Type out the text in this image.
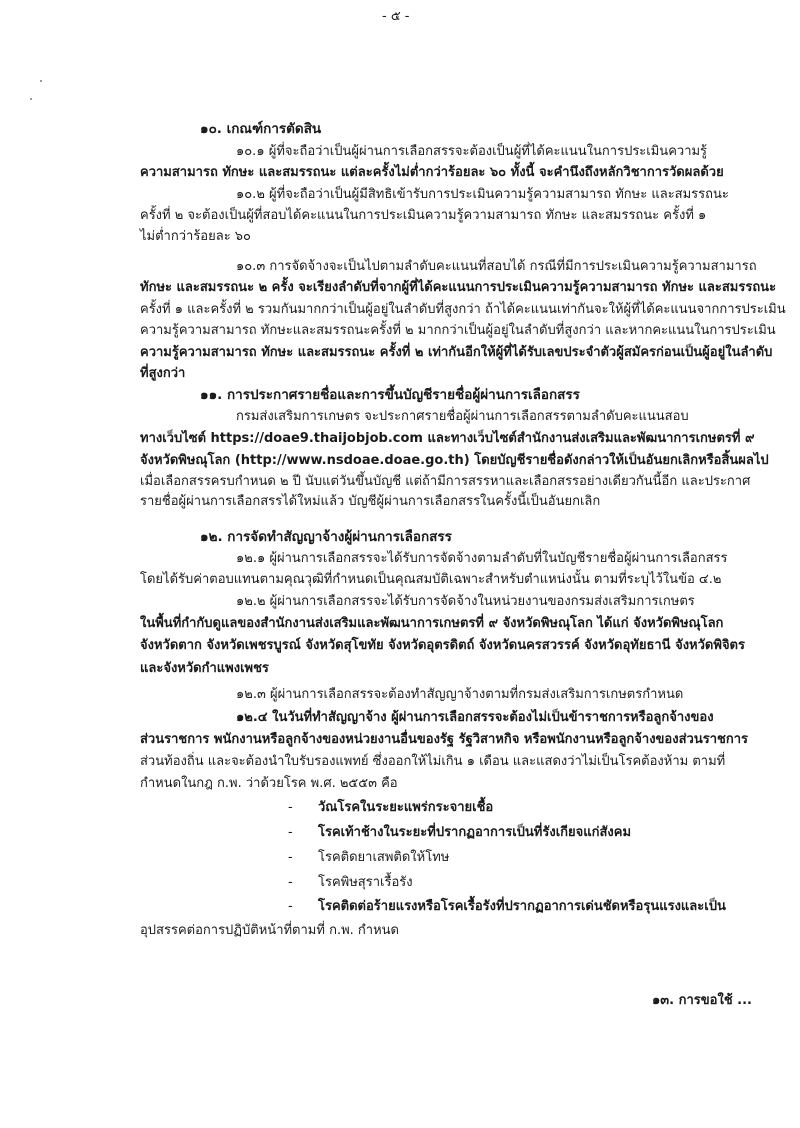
- ๕ -
๑๐. เกณฑ์การตัดสิน
๑๐.๑ ผู้ที่จะถือว่าเป็นผู้ผ่านการเลือกสรรจะต้องเป็นผู้ที่ได้คะแนนในการประเมินความรู้
ความสามารถ ทักษะ และสมรรถนะ แต่ละครั้งไม่ต่ำกว่าร้อยละ ๖๐ ทั้งนี้ จะคำนึงถึงหลักวิชาการวัดผลด้วย
๑๐.๒ ผู้ที่จะถือว่าเป็นผู้มีสิทธิเข้ารับการประเมินความรู้ความสามารถ ทักษะ และสมรรถนะ
ครั้งที่ ๒ จะต้องเป็นผู้ที่สอบได้คะแนนในการประเมินความรู้ความสามารถ ทักษะ และสมรรถนะ ครั้งที่ ๑
ไม่ต่ำกว่าร้อยละ ๖๐
๑๐.๓ การจัดจ้างจะเป็นไปตามลำดับคะแนนที่สอบได้ กรณีที่มีการประเมินความรู้ความสามารถ
ทักษะ และสมรรถนะ ๒ ครั้ง จะเรียงลำดับที่จากผู้ที่ได้คะแนนการประเมินความรู้ความสามารถ ทักษะ และสมรรถนะ
ครั้งที่ ๑ และครั้งที่ ๒ รวมกันมากกว่าเป็นผู้อยู่ในลำดับที่สูงกว่า ถ้าได้คะแนนเท่ากันจะให้ผู้ที่ได้คะแนนจากการประเมิน
ความรู้ความสามารถ ทักษะและสมรรถนะครั้งที่ ๒ มากกว่าเป็นผู้อยู่ในลำดับที่สูงกว่า และหากคะแนนในการประเมิน
ความรู้ความสามารถ ทักษะ และสมรรถนะ ครั้งที่ ๒ เท่ากันอีกให้ผู้ที่ได้รับเลขประจำตัวผู้สมัครก่อนเป็นผู้อยู่ในลำดับ
ที่สูงกว่า
๑๑. การประกาศรายชื่อและการขึ้นบัญชีรายชื่อผู้ผ่านการเลือกสรร
กรมส่งเสริมการเกษตร จะประกาศรายชื่อผู้ผ่านการเลือกสรรตามลำดับคะแนนสอบ
ทางเว็บไซต์ https://doae9.thaijobjob.com และทางเว็บไซต์สำนักงานส่งเสริมและพัฒนาการเกษตรที่ ๙
จังหวัดพิษณุโลก (http://www.nsdoae.doae.go.th) โดยบัญชีรายชื่อดังกล่าวให้เป็นอันยกเลิกหรือสิ้นผลไป
เมื่อเลือกสรรครบกำหนด ๒ ปี นับแต่วันขึ้นบัญชี แต่ถ้ามีการสรรหาและเลือกสรรอย่างเดียวกันนี้อีก และประกาศ
รายชื่อผู้ผ่านการเลือกสรรได้ใหม่แล้ว บัญชีผู้ผ่านการเลือกสรรในครั้งนี้เป็นอันยกเลิก
๑๒. การจัดทำสัญญาจ้างผู้ผ่านการเลือกสรร
๑๒.๑ ผู้ผ่านการเลือกสรรจะได้รับการจัดจ้างตามลำดับที่ในบัญชีรายชื่อผู้ผ่านการเลือกสรร
โดยได้รับค่าตอบแทนตามคุณวุฒิที่กำหนดเป็นคุณสมบัติเฉพาะสำหรับตำแหน่งนั้น ตามที่ระบุไว้ในข้อ ๔.๒
๑๒.๒ ผู้ผ่านการเลือกสรรจะได้รับการจัดจ้างในหน่วยงานของกรมส่งเสริมการเกษตร
ในพื้นที่กำกับดูแลของสำนักงานส่งเสริมและพัฒนาการเกษตรที่ ๙ จังหวัดพิษณุโลก ได้แก่ จังหวัดพิษณุโลก
จังหวัดตาก จังหวัดเพชรบูรณ์ จังหวัดสุโขทัย จังหวัดอุตรดิตถ์ จังหวัดนครสวรรค์ จังหวัดอุทัยธานี จังหวัดพิจิตร
และจังหวัดกำแพงเพชร
๑๒.๓ ผู้ผ่านการเลือกสรรจะต้องทำสัญญาจ้างตามที่กรมส่งเสริมการเกษตรกำหนด
๑๒.๔ ในวันที่ทำสัญญาจ้าง ผู้ผ่านการเลือกสรรจะต้องไม่เป็นข้าราชการหรือลูกจ้างของ
ส่วนราชการ พนักงานหรือลูกจ้างของหน่วยงานอื่นของรัฐ รัฐวิสาหกิจ หรือพนักงานหรือลูกจ้างของส่วนราชการ
ส่วนท้องถิ่น และจะต้องนำใบรับรองแพทย์ ซึ่งออกให้ไม่เกิน ๑ เดือน และแสดงว่าไม่เป็นโรคต้องห้าม ตามที่
กำหนดในกฎ ก.พ. ว่าด้วยโรค พ.ศ. ๒๕๕๓ คือ
- วัณโรคในระยะแพร่กระจายเชื้อ
- โรคเท้าช้างในระยะที่ปรากฏอาการเป็นที่รังเกียจแก่สังคม
- โรคติดยาเสพติดให้โทษ
- โรคพิษสุราเรื้อรัง
- โรคติดต่อร้ายแรงหรือโรคเรื้อรังที่ปรากฏอาการเด่นชัดหรือรุนแรงและเป็น
อุปสรรคต่อการปฏิบัติหน้าที่ตามที่ ก.พ. กำหนด
๑๓. การขอใช้ ...
